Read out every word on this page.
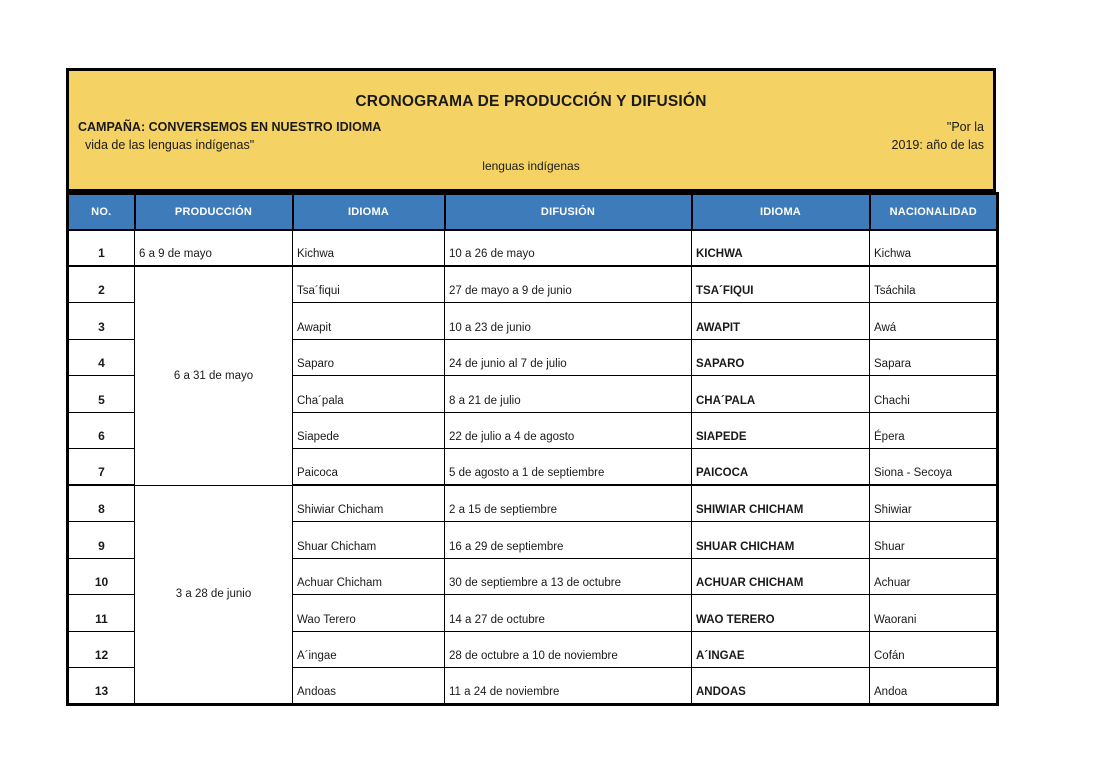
CRONOGRAMA DE PRODUCCIÓN Y DIFUSIÓN
CAMPAÑA: CONVERSEMOS EN NUESTRO IDIOMA	"Por la
vida de las lenguas indígenas"	2019: año de las
lenguas indígenas
NO.	PRODUCCIÓN	IDIOMA	DIFUSIÓN	IDIOMA	NACIONALIDAD
1	6 a 9 de mayo	Kichwa	10 a 26 de mayo	KICHWA	Kichwa
2	6 a 31 de mayo	Tsa´fiqui	27 de mayo a 9 de junio	TSA´FIQUI	Tsáchila
3		Awapit	10 a 23 de junio	AWAPIT	Awá
4		Saparo	24 de junio al 7 de julio	SAPARO	Sapara
5		Cha´pala	8 a 21 de julio	CHA´PALA	Chachi
6		Siapede	22 de julio a 4 de agosto	SIAPEDE	Épera
7		Paicoca	5 de agosto a 1 de septiembre	PAICOCA	Siona - Secoya
8	3 a 28 de junio	Shiwiar Chicham	2 a 15 de septiembre	SHIWIAR CHICHAM	Shiwiar
9		Shuar Chicham	16 a 29 de septiembre	SHUAR CHICHAM	Shuar
10		Achuar Chicham	30 de septiembre a 13 de octubre	ACHUAR CHICHAM	Achuar
11		Wao Terero	14 a 27 de octubre	WAO TERERO	Waorani
12		A´ingae	28 de octubre a 10 de noviembre	A´INGAE	Cofán
13		Andoas	11 a 24 de noviembre	ANDOAS	Andoa
